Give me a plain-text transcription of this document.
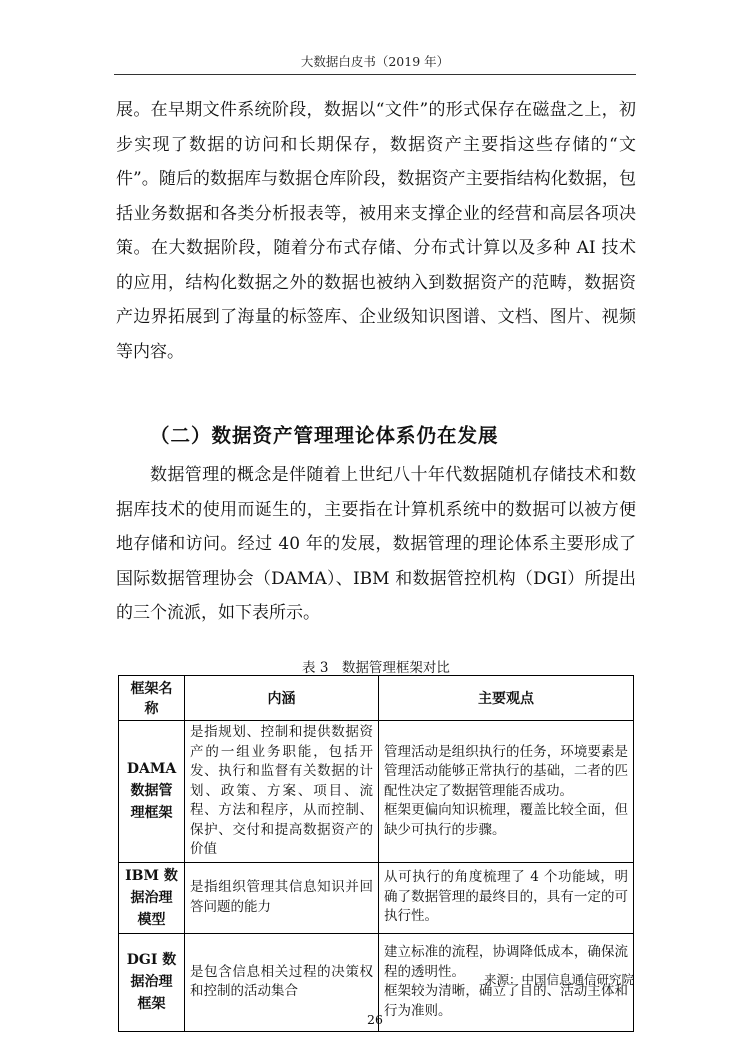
大数据白皮书（2019 年）

展。在早期文件系统阶段，数据以“文件”的形式保存在磁盘之上，初步实现了数据的访问和长期保存，数据资产主要指这些存储的“文件”。随后的数据库与数据仓库阶段，数据资产主要指结构化数据，包括业务数据和各类分析报表等，被用来支撑企业的经营和高层各项决策。在大数据阶段，随着分布式存储、分布式计算以及多种 AI 技术的应用，结构化数据之外的数据也被纳入到数据资产的范畴，数据资产边界拓展到了海量的标签库、企业级知识图谱、文档、图片、视频等内容。

（二）数据资产管理理论体系仍在发展

数据管理的概念是伴随着上世纪八十年代数据随机存储技术和数据库技术的使用而诞生的，主要指在计算机系统中的数据可以被方便地存储和访问。经过 40 年的发展，数据管理的理论体系主要形成了国际数据管理协会（DAMA）、IBM 和数据管控机构（DGI）所提出的三个流派，如下表所示。

表 3　数据管理框架对比
框架名称	内涵	主要观点
DAMA 数据管理框架	是指规划、控制和提供数据资产的一组业务职能，包括开发、执行和监督有关数据的计划、政策、方案、项目、流程、方法和程序，从而控制、保护、交付和提高数据资产的价值	管理活动是组织执行的任务，环境要素是管理活动能够正常执行的基础，二者的匹配性决定了数据管理能否成功。
框架更偏向知识梳理，覆盖比较全面，但缺少可执行的步骤。

IBM 数据治理模型	是指组织管理其信息知识并回答问题的能力	从可执行的角度梳理了 4 个功能域，明确了数据管理的最终目的，具有一定的可执行性。

DGI 数据治理框架	是包含信息相关过程的决策权和控制的活动集合	建立标准的流程，协调降低成本，确保流程的透明性。
框架较为清晰，确立了目的、活动主体和行为准则。
来源：中国信息通信研究院
26
